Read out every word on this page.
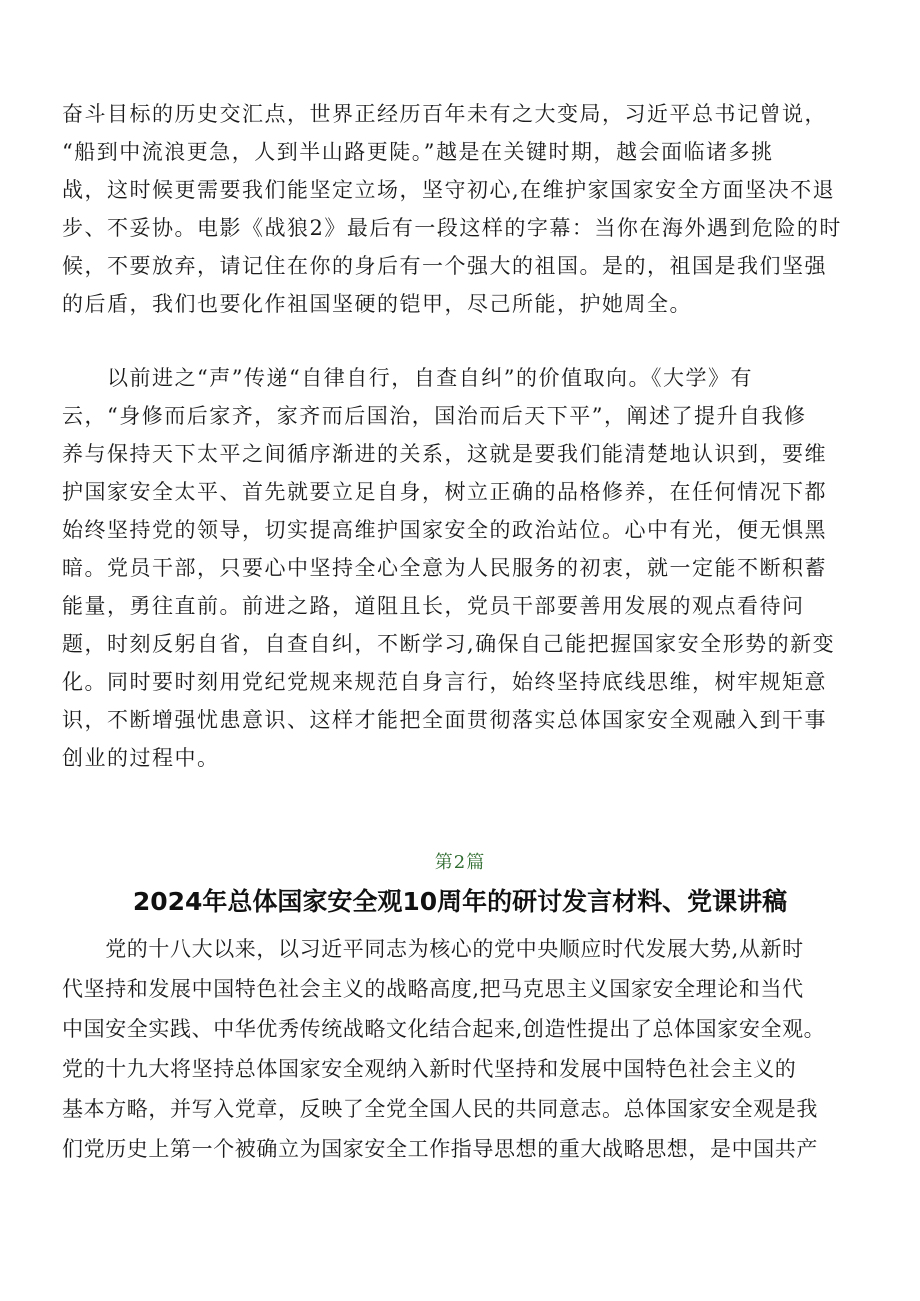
奋斗目标的历史交汇点，世界正经历百年未有之大变局，习近平总书记曾说，
“船到中流浪更急，人到半山路更陡。”越是在关键时期，越会面临诸多挑
战，这时候更需要我们能坚定立场，坚守初心,在维护家国家安全方面坚决不退
步、不妥协。电影《战狼2》最后有一段这样的字幕：当你在海外遇到危险的时
候，不要放弃，请记住在你的身后有一个强大的祖国。是的，祖国是我们坚强
的后盾，我们也要化作祖国坚硬的铠甲，尽己所能，护她周全。
　　以前进之“声”传递“自律自行，自查自纠”的价值取向。《大学》有
云，“身修而后家齐，家齐而后国治，国治而后天下平”，阐述了提升自我修
养与保持天下太平之间循序渐进的关系，这就是要我们能清楚地认识到，要维
护国家安全太平、首先就要立足自身，树立正确的品格修养，在任何情况下都
始终坚持党的领导，切实提高维护国家安全的政治站位。心中有光，便无惧黑
暗。党员干部，只要心中坚持全心全意为人民服务的初衷，就一定能不断积蓄
能量，勇往直前。前进之路，道阻且长，党员干部要善用发展的观点看待问
题，时刻反躬自省，自查自纠，不断学习,确保自己能把握国家安全形势的新变
化。同时要时刻用党纪党规来规范自身言行，始终坚持底线思维，树牢规矩意
识，不断增强忧患意识、这样才能把全面贯彻落实总体国家安全观融入到干事
创业的过程中。
第2篇
2024年总体国家安全观10周年的研讨发言材料、党课讲稿
　　党的十八大以来，以习近平同志为核心的党中央顺应时代发展大势,从新时
代坚持和发展中国特色社会主义的战略高度,把马克思主义国家安全理论和当代
中国安全实践、中华优秀传统战略文化结合起来,创造性提出了总体国家安全观。
党的十九大将坚持总体国家安全观纳入新时代坚持和发展中国特色社会主义的
基本方略，并写入党章，反映了全党全国人民的共同意志。总体国家安全观是我
们党历史上第一个被确立为国家安全工作指导思想的重大战略思想，是中国共产
